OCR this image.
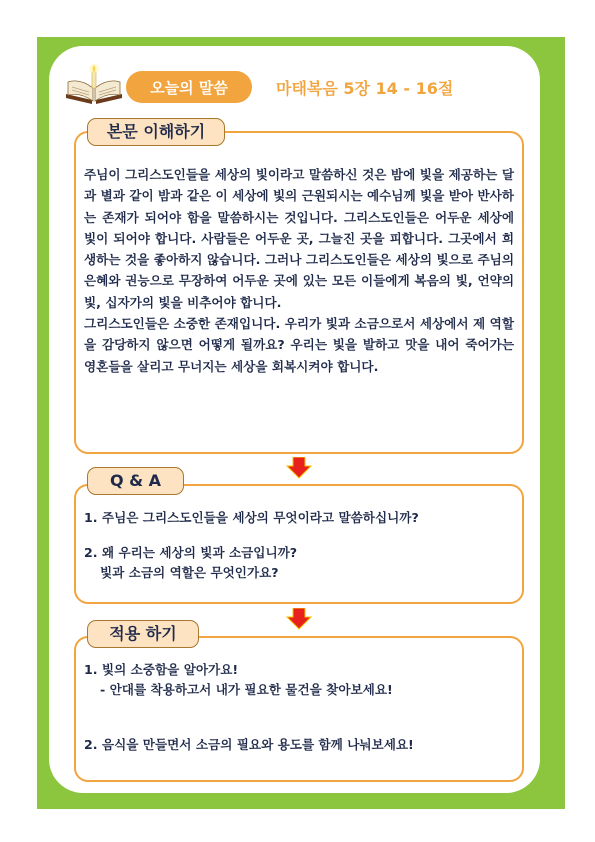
오늘의 말씀	마태복음 5장 14 - 16절
본문 이해하기

주님이 그리스도인들을 세상의 빛이라고 말씀하신 것은 밤에 빛을 제공하는 달과 별과 같이 밤과 같은 이 세상에 빛의 근원되시는 예수님께 빛을 받아 반사하는 존재가 되어야 함을 말씀하시는 것입니다. 그리스도인들은 어두운 세상에 빛이 되어야 합니다. 사람들은 어두운 곳, 그늘진 곳을 피합니다. 그곳에서 희생하는 것을 좋아하지 않습니다. 그러나 그리스도인들은 세상의 빛으로 주님의 은혜와 권능으로 무장하여 어두운 곳에 있는 모든 이들에게 복음의 빛, 언약의 빛, 십자가의 빛을 비추어야 합니다.

그리스도인들은 소중한 존재입니다. 우리가 빛과 소금으로서 세상에서 제 역할을 감당하지 않으면 어떻게 될까요? 우리는 빛을 발하고 맛을 내어 죽어가는 영혼들을 살리고 무너지는 세상을 회복시켜야 합니다.

Q & A
1. 주님은 그리스도인들을 세상의 무엇이라고 말씀하십니까?
2. 왜 우리는 세상의 빛과 소금입니까?
빛과 소금의 역할은 무엇인가요?
적용 하기
1. 빛의 소중함을 알아가요!
- 안대를 착용하고서 내가 필요한 물건을 찾아보세요!
2. 음식을 만들면서 소금의 필요와 용도를 함께 나눠보세요!
